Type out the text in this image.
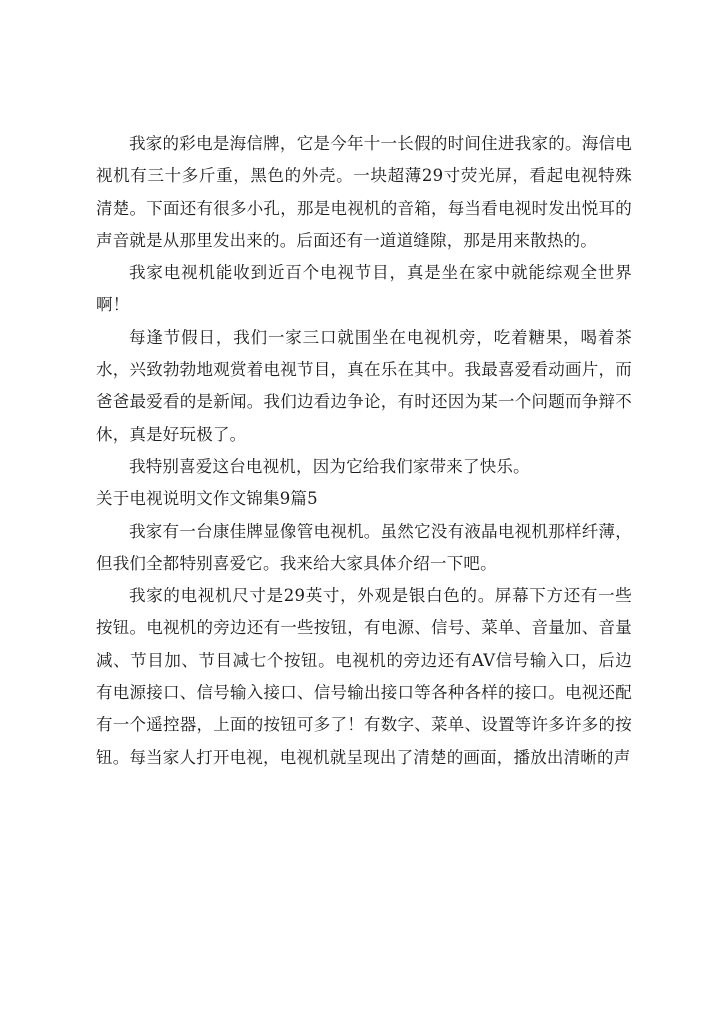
我家的彩电是海信牌，它是今年十一长假的时间住进我家的。海信电视机有三十多斤重，黑色的外壳。一块超薄29寸荧光屏，看起电视特殊清楚。下面还有很多小孔，那是电视机的音箱，每当看电视时发出悦耳的声音就是从那里发出来的。后面还有一道道缝隙，那是用来散热的。

我家电视机能收到近百个电视节目，真是坐在家中就能综观全世界啊！

每逢节假日，我们一家三口就围坐在电视机旁，吃着糖果，喝着茶水，兴致勃勃地观赏着电视节目，真在乐在其中。我最喜爱看动画片，而爸爸最爱看的是新闻。我们边看边争论，有时还因为某一个问题而争辩不休，真是好玩极了。

我特别喜爱这台电视机，因为它给我们家带来了快乐。

关于电视说明文作文锦集9篇5

我家有一台康佳牌显像管电视机。虽然它没有液晶电视机那样纤薄，但我们全都特别喜爱它。我来给大家具体介绍一下吧。

我家的电视机尺寸是29英寸，外观是银白色的。屏幕下方还有一些按钮。电视机的旁边还有一些按钮，有电源、信号、菜单、音量加、音量减、节目加、节目减七个按钮。电视机的旁边还有AV信号输入口，后边有电源接口、信号输入接口、信号输出接口等各种各样的接口。电视还配有一个遥控器，上面的按钮可多了！有数字、菜单、设置等许多许多的按钮。每当家人打开电视，电视机就呈现出了清楚的画面，播放出清晰的声
